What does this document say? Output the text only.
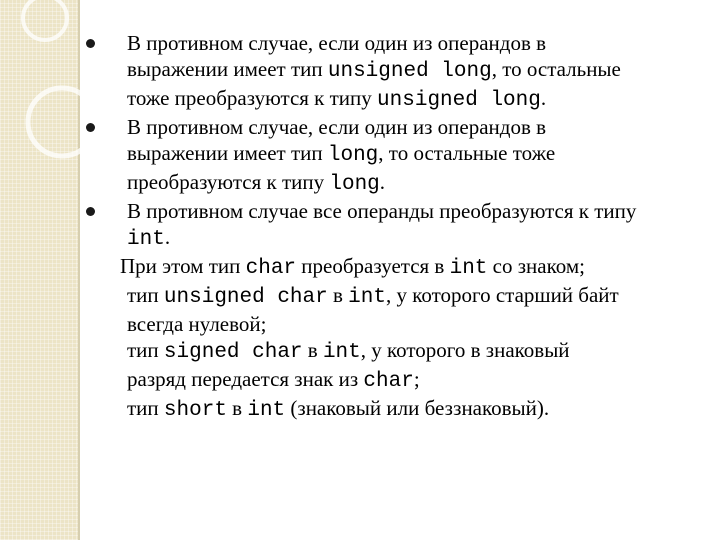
В противном случае, если один из операндов в
выражении имеет тип unsigned long, то остальные
тоже преобразуются к типу unsigned long.
В противном случае, если один из операндов в
выражении имеет тип long, то остальные тоже
преобразуются к типу long.
В противном случае все операнды преобразуются к типу
int.
При этом тип char преобразуется в int со знаком;
тип unsigned char в int, у которого старший байт
всегда нулевой;
тип signed char в int, у которого в знаковый
разряд передается знак из char;
тип short в int (знаковый или беззнаковый).
